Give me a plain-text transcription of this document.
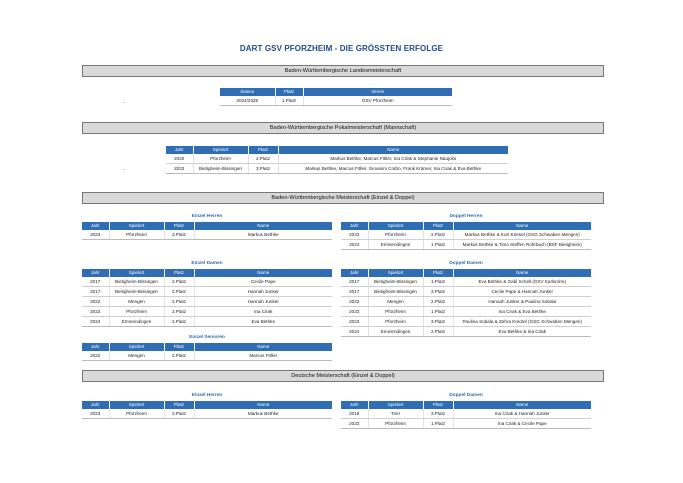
DART GSV PFORZHEIM - DIE GRÖSSTEN ERFOLGE
Baden-Württembergische Landesmeisterschaft
-
Saison	Platz	Verein
2024/2025	1.Platz	GSV Pforzheim
Baden-Württembergische Pokalmeisterschaft (Mannschaft)
-
Jahr	Spielort	Platz	Name
2020	Pforzheim	2.Platz	Markus Bethke, Marcus Föller, Ina Cirak & Stephanie Naujoks
2023	Bietigheim-Bissingen	3.Platz	Markus Bethke, Marcus Föller, Giovanni Corbo, Frank Krämer, Ina Cirak & Eva Bethke
Baden-Württembergische Meisterschaft (Einzel & Doppel)
Einzel Herren
Jahr	Spielort	Platz	Name
2023	Pforzheim	3.Platz	Markus Bethke
Doppel Herren
Jahr	Spielort	Platz	Name
2023	Pforzheim	2.Platz	Markus Bethke & Kurt Kriesel (GSG Schwaben Mengen)
2024	Emmendingen	1.Platz	Markus Bethke & Timo Steffen Rohrbach (BSF Bietigheim)
Einzel Damen
Jahr	Spielort	Platz	Name
2017	Bietigheim-Bissingen	2.Platz	Cecile Pape
2017	Bietigheim-Bissingen	3.Platz	Hannah Junker
2022	Mengen	2.Platz	Hannah Junker
2023	Pforzheim	2.Platz	Ina Cirak
2024	Emmendingen	2.Platz	Eva Bethke
Doppel Damen
Jahr	Spielort	Platz	Name
2017	Bietigheim-Bissingen	1.Platz	Eva Bethke & Gabi Schell (GSV Karlsruhe)
2017	Bietigheim-Bissingen	3.Platz	Cecile Pape & Hannah Junker
2022	Mengen	2.Platz	Hannah Junker & Paulina Sobala
2023	Pforzheim	1.Platz	Ina Cirak & Eva Bethke
2023	Pforzheim	3.Platz	Paulina Sobala & Zehra Kreotel (GSG Schwaben Mengen)
2024	Emmendingen	2.Platz	Eva Bethke & Ina Cirak
Einzel Senioren
Jahr	Spielort	Platz	Name
2022	Mengen	3.Platz	Marcus Föller
Deutsche Meisterschaft (Einzel & Doppel)
Einzel Herren
Jahr	Spielort	Platz	Name
2023	Pforzheim	3.Platz	Markus Bethke
Doppel Damen
Jahr	Spielort	Platz	Name
2019	Trier	3.Platz	Ina Cirak & Hannah Junker
2023	Pforzheim	1.Platz	Ina Cirak & Cecile Pape
